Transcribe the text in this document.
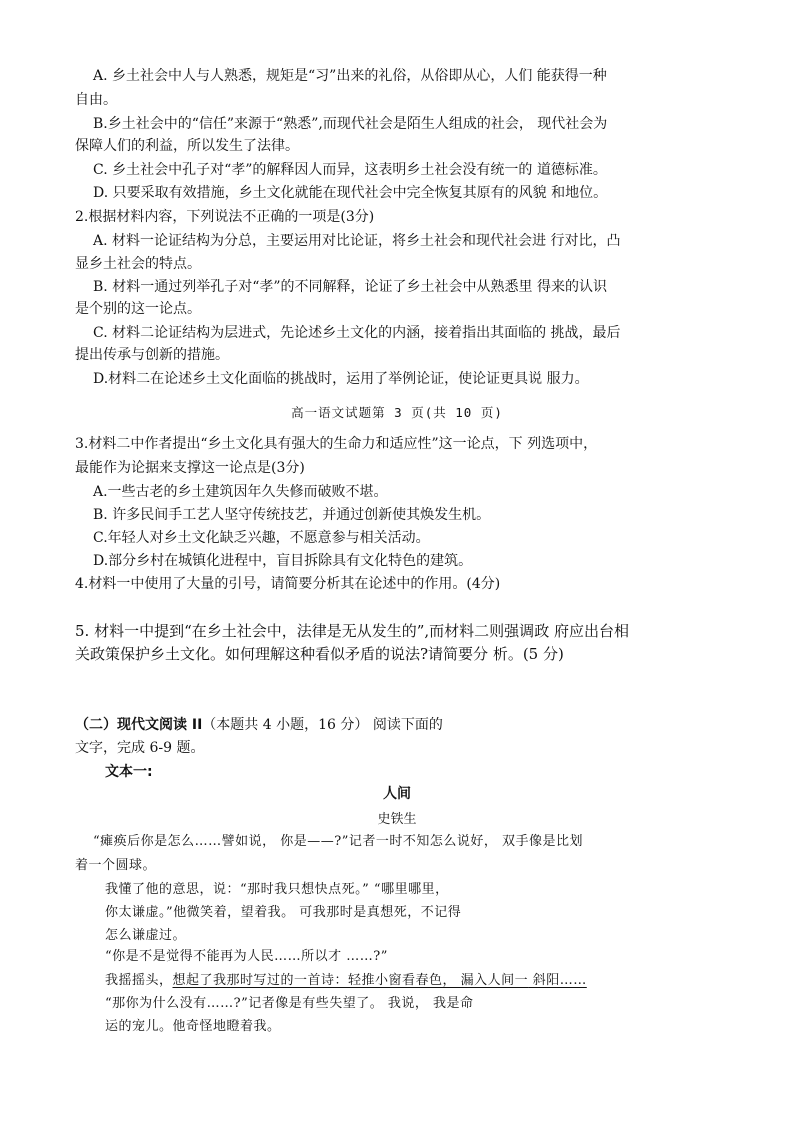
A. 乡土社会中人与人熟悉，规矩是“习”出来的礼俗，从俗即从心，人们 能获得一种
自由。
B.乡土社会中的“信任”来源于“熟悉”,而现代社会是陌生人组成的社会， 现代社会为
保障人们的利益，所以发生了法律。
C. 乡土社会中孔子对“孝”的解释因人而异，这表明乡土社会没有统一的 道德标准。
D. 只要采取有效措施，乡土文化就能在现代社会中完全恢复其原有的风貌 和地位。
2.根据材料内容，下列说法不正确的一项是(3分)
A. 材料一论证结构为分总，主要运用对比论证，将乡土社会和现代社会进 行对比，凸
显乡土社会的特点。
B. 材料一通过列举孔子对“孝”的不同解释，论证了乡土社会中从熟悉里 得来的认识
是个别的这一论点。
C. 材料二论证结构为层进式，先论述乡土文化的内涵，接着指出其面临的 挑战，最后
提出传承与创新的措施。
D.材料二在论述乡土文化面临的挑战时，运用了举例论证，使论证更具说 服力。
高一语文试题第 3 页(共 10 页)
3.材料二中作者提出“乡土文化具有强大的生命力和适应性”这一论点，下 列选项中，
最能作为论据来支撑这一论点是(3分)
A.一些古老的乡土建筑因年久失修而破败不堪。
B. 许多民间手工艺人坚守传统技艺，并通过创新使其焕发生机。
C.年轻人对乡土文化缺乏兴趣，不愿意参与相关活动。
D.部分乡村在城镇化进程中，盲目拆除具有文化特色的建筑。
4.材料一中使用了大量的引号，请简要分析其在论述中的作用。(4分)
5. 材料一中提到“在乡土社会中，法律是无从发生的”,而材料二则强调政 府应出台相
关政策保护乡土文化。如何理解这种看似矛盾的说法?请简要分 析。(5 分)
（二）现代文阅读 II（本题共 4 小题，16 分） 阅读下面的
文字，完成 6-9 题。
文本一:
人间
史铁生
“瘫痪后你是怎么……譬如说， 你是——?”记者一时不知怎么说好， 双手像是比划
着一个圆球。
我懂了他的意思，说：“那时我只想快点死。” “哪里哪里，
你太谦虚。”他微笑着，望着我。 可我那时是真想死，不记得
怎么谦虚过。
“你是不是觉得不能再为人民……所以才 ……?”
我摇摇头，想起了我那时写过的一首诗：轻推小窗看春色， 漏入人间一 斜阳……
“那你为什么没有……?”记者像是有些失望了。 我说， 我是命
运的宠儿。他奇怪地瞪着我。
